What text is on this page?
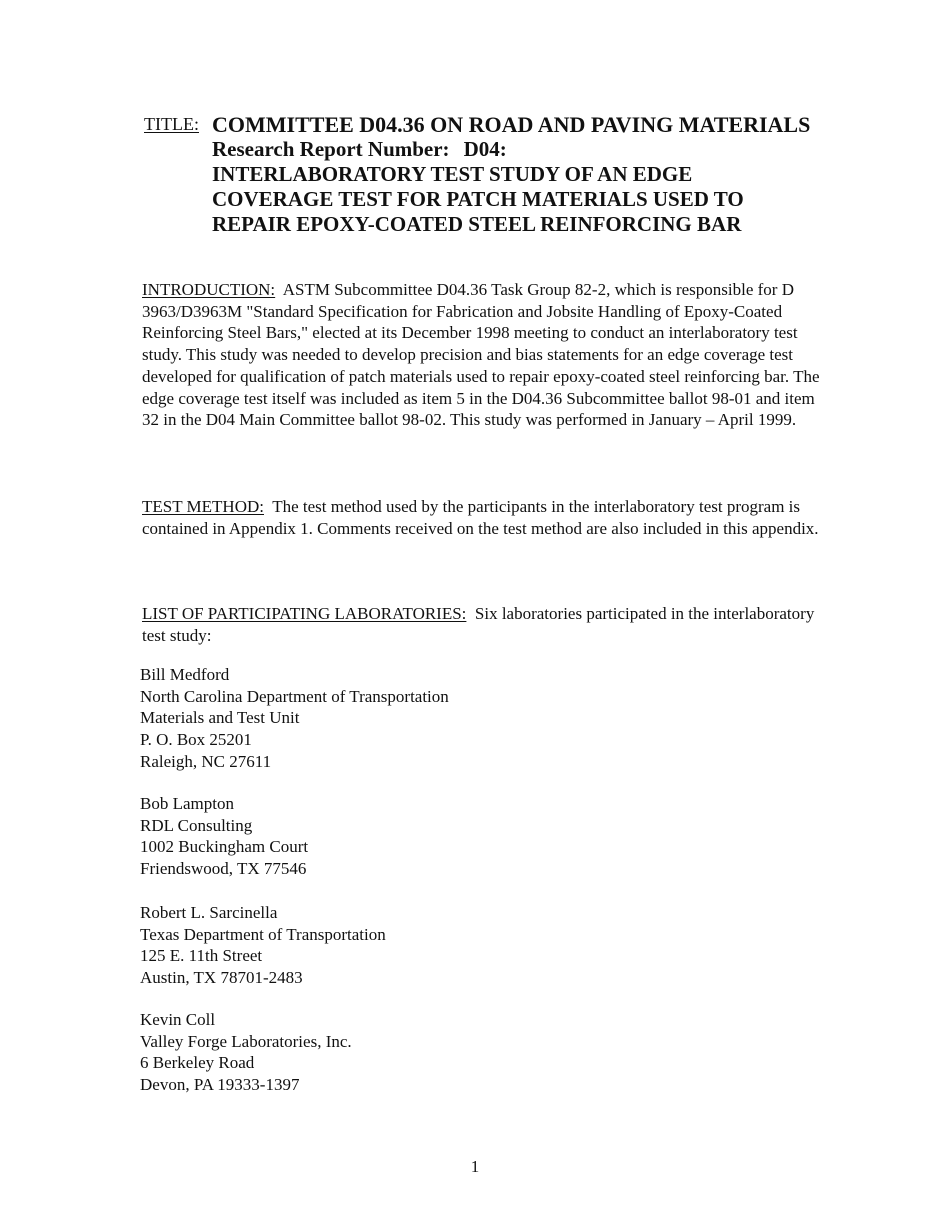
TITLE: COMMITTEE D04.36 ON ROAD AND PAVING MATERIALS
Research Report Number: D04:
INTERLABORATORY TEST STUDY OF AN EDGE
COVERAGE TEST FOR PATCH MATERIALS USED TO
REPAIR EPOXY-COATED STEEL REINFORCING BAR
INTRODUCTION: ASTM Subcommittee D04.36 Task Group 82-2, which is responsible for D 3963/D3963M "Standard Specification for Fabrication and Jobsite Handling of Epoxy-Coated Reinforcing Steel Bars," elected at its December 1998 meeting to conduct an interlaboratory test study. This study was needed to develop precision and bias statements for an edge coverage test developed for qualification of patch materials used to repair epoxy-coated steel reinforcing bar. The edge coverage test itself was included as item 5 in the D04.36 Subcommittee ballot 98-01 and item 32 in the D04 Main Committee ballot 98-02. This study was performed in January – April 1999.
TEST METHOD: The test method used by the participants in the interlaboratory test program is contained in Appendix 1. Comments received on the test method are also included in this appendix.
LIST OF PARTICIPATING LABORATORIES: Six laboratories participated in the interlaboratory test study:
Bill Medford
North Carolina Department of Transportation
Materials and Test Unit
P. O. Box 25201
Raleigh, NC 27611
Bob Lampton
RDL Consulting
1002 Buckingham Court
Friendswood, TX 77546
Robert L. Sarcinella
Texas Department of Transportation
125 E. 11th Street
Austin, TX 78701-2483
Kevin Coll
Valley Forge Laboratories, Inc.
6 Berkeley Road
Devon, PA 19333-1397
1
